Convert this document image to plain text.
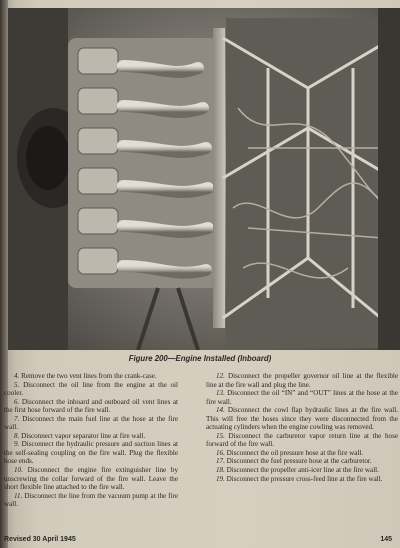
Figure 200—Engine Installed (Inboard)

4. Remove the two vent lines from the crank-case.

5. Disconnect the oil line from the engine at the oil cooler.

6. Disconnect the inboard and outboard oil vent lines at the first hose forward of the fire wall.

7. Disconnect the main fuel line at the hose at the fire wall.

8. Disconnect vapor separator line at fire wall.

9. Disconnect the hydraulic pressure and suction lines at the self-sealing coupling on the fire wall. Plug the flexible hose ends.

10. Disconnect the engine fire extinguisher line by unscrewing the collar forward of the fire wall. Leave the short flexible line attached to the fire wall.

11. Disconnect the line from the vacuum pump at the fire wall.

12. Disconnect the propeller governor oil line at the flexible line at the fire wall and plug the line.

13. Disconnect the oil “IN” and “OUT” lines at the hose at the fire wall.

14. Disconnect the cowl flap hydraulic lines at the fire wall. This will free the hoses since they were disconnected from the actuating cylinders when the engine cowling was removed.

15. Disconnect the carburetor vapor return line at the hose forward of the fire wall.

16. Disconnect the oil pressure hose at the fire wall.

17. Disconnect the fuel pressure hose at the carburetor.

18. Disconnect the propeller anti-icer line at the fire wall.

19. Disconnect the pressure cross-feed line at the fire wall.

Revised 30 April 1945	145
